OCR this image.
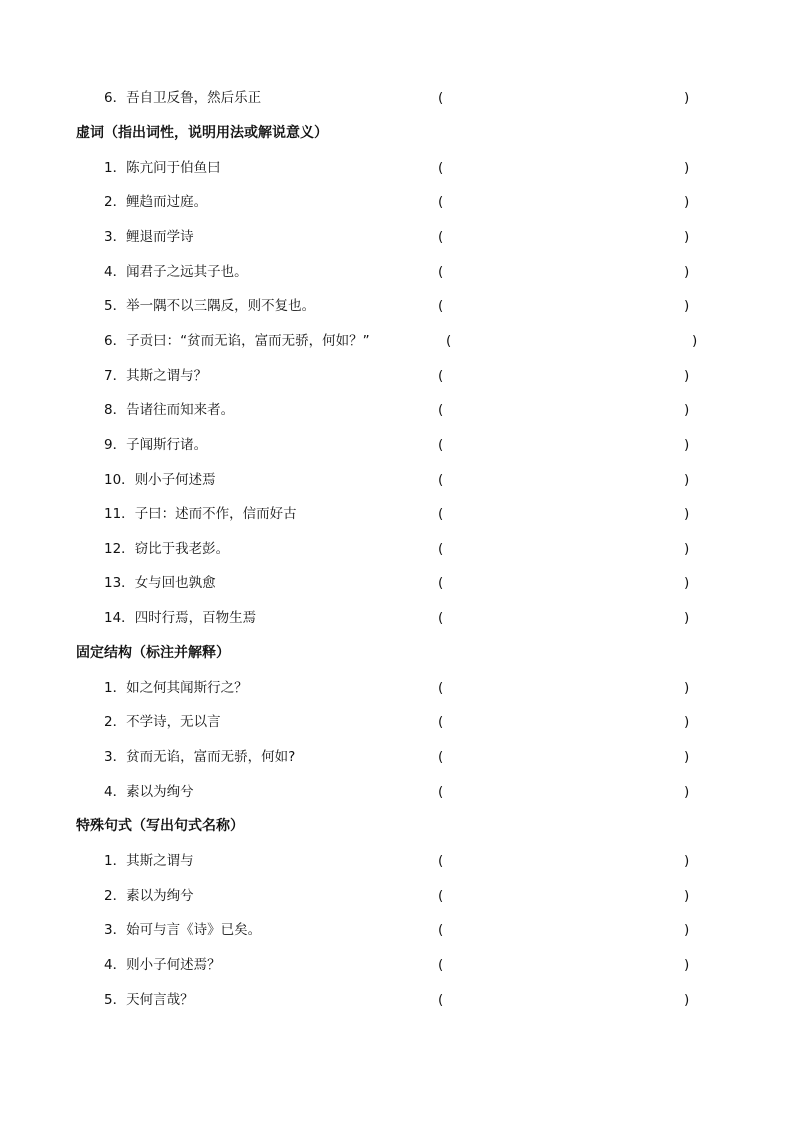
6．吾自卫反鲁，然后乐正	(	)
虚词（指出词性，说明用法或解说意义）
1．陈亢问于伯鱼曰	(	)
2．鲤趋而过庭。	(	)
3．鲤退而学诗	(	)
4．闻君子之远其子也。	(	)
5．举一隅不以三隅反，则不复也。	(	)
6．子贡曰：“贫而无谄，富而无骄，何如？”	(	)
7．其斯之谓与？	(	)
8．告诸往而知来者。	(	)
9．子闻斯行诸。	(	)
10．则小子何述焉	(	)
11．子曰：述而不作，信而好古	(	)
12．窃比于我老彭。	(	)
13．女与回也孰愈	(	)
14．四时行焉，百物生焉	(	)
固定结构（标注并解释）
1．如之何其闻斯行之？	(	)
2．不学诗，无以言	(	)
3．贫而无谄，富而无骄，何如?	(	)
4．素以为绚兮	(	)
特殊句式（写出句式名称）
1．其斯之谓与	(	)
2．素以为绚兮	(	)
3．始可与言《诗》已矣。	(	)
4．则小子何述焉？	(	)
5．天何言哉？	(	)
